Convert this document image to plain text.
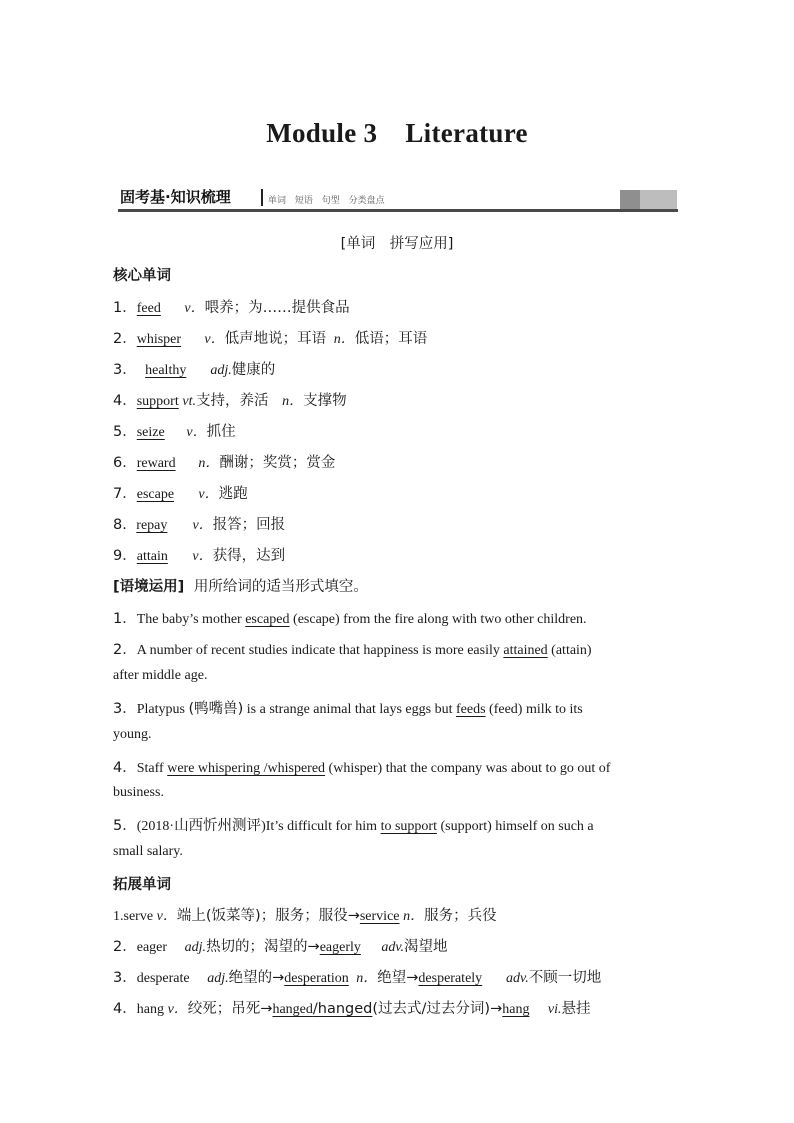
Module 3 Literature
固考基·知识梳理	单词 短语 句型 分类盘点
[单词　拼写应用]
核心单词
1．feed v．喂养；为……提供食品
2．whisper v．低声地说；耳语 n．低语；耳语
3． healthy adj.健康的
4．support vt.支持，养活 n．支撑物
5．seize v．抓住
6．reward n．酬谢；奖赏；赏金
7．escape v．逃跑
8. repay v．报答；回报
9．attain v．获得，达到
[语境运用] 用所给词的适当形式填空。
1．The baby’s mother escaped (escape) from the fire along with two other children.
2．A number of recent studies indicate that happiness is more easily attained (attain)
after middle age.
3．Platypus (鸭嘴兽) is a strange animal that lays eggs but feeds (feed) milk to its
young.
4．Staff were whispering /whispered (whisper) that the company was about to go out of
business.
5．(2018·山西忻州测评)It’s difficult for him to support (support) himself on such a
small salary.
拓展单词
1.serve v．端上(饭菜等)；服务；服役→service n．服务；兵役
2．eager adj.热切的；渴望的→eagerly adv.渴望地
3．desperate adj.绝望的→desperation n．绝望→desperately adv.不顾一切地
4．hang v．绞死；吊死→hanged/hanged(过去式/过去分词)→hang vi.悬挂
